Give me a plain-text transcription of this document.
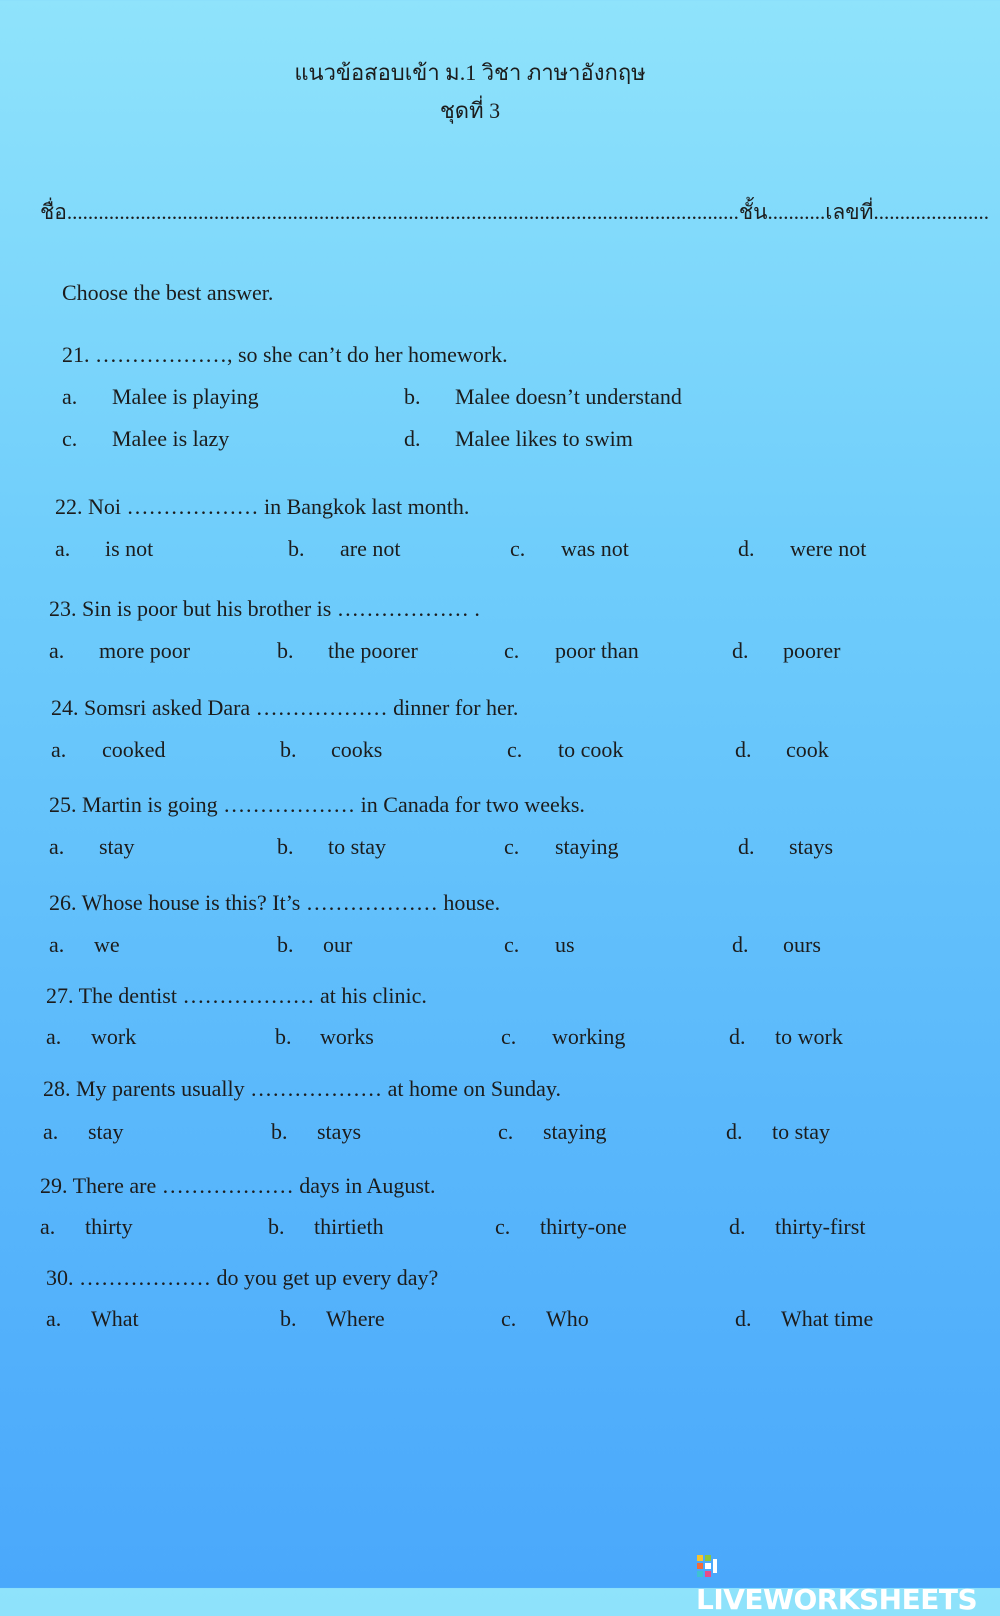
แนวข้อสอบเข้า ม.1 วิชา ภาษาอังกฤษ
ชุดที่ 3
ชื่อ................................................................................................................................ชั้น...........เลขที่......................
Choose the best answer.
21. ………………, so she can’t do her homework.
a. Malee is playing	b. Malee doesn’t understand
c. Malee is lazy	d. Malee likes to swim
22. Noi ……………… in Bangkok last month.
a. is not	b. are not	c. was not	d. were not
23. Sin is poor but his brother is ……………… .
a. more poor	b. the poorer	c. poor than	d. poorer
24. Somsri asked Dara ……………… dinner for her.
a. cooked	b. cooks	c. to cook	d. cook
25. Martin is going ……………… in Canada for two weeks.
a. stay	b. to stay	c. staying	d. stays
26. Whose house is this? It’s ……………… house.
a. we	b. our	c. us	d. ours
27. The dentist ……………… at his clinic.
a. work	b. works	c. working	d. to work
28. My parents usually ……………… at home on Sunday.
a. stay	b. stays	c. staying	d. to stay
29. There are ……………… days in August.
a. thirty	b. thirtieth	c. thirty-one	d. thirty-first
30. ……………… do you get up every day?
a. What	b. Where	c. Who	d. What time
LIVEWORKSHEETS
